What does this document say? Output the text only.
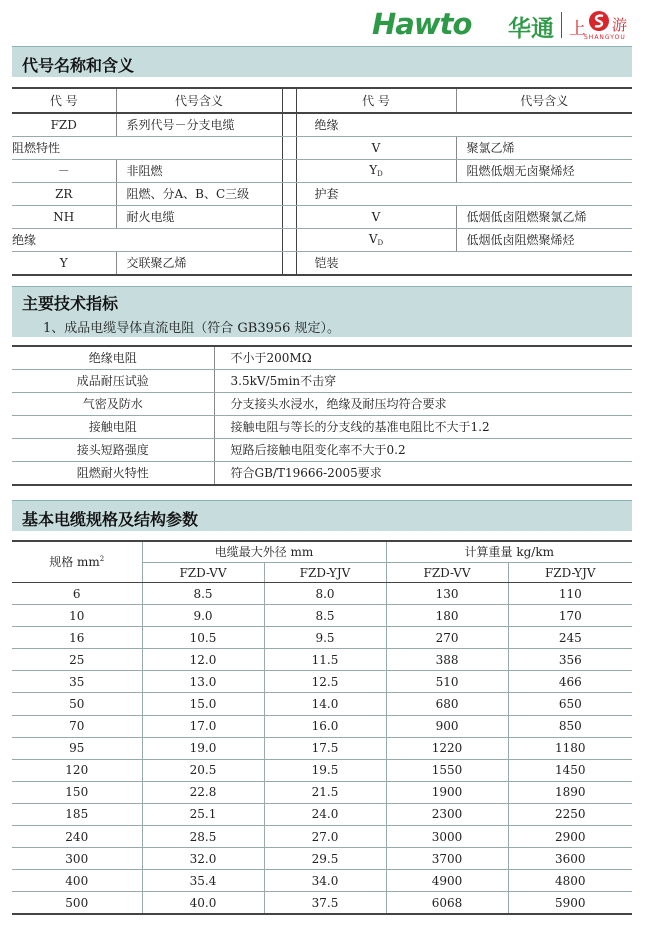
Hawto 华通 上 游
SHANGYOU
代号名称和含义
代 号	代号含义		代 号	代号含义
FZD	系列代号－分支电缆		绝缘	
阻燃特性			V	聚氯乙烯
－	非阻燃		YD	阻燃低烟无卤聚烯烃
ZR	阻燃、分A、B、C三级		护套	
NH	耐火电缆		V	低烟低卤阻燃聚氯乙烯
绝缘			VD	低烟低卤阻燃聚烯烃
Y	交联聚乙烯		铠装	
主要技术指标
1、成品电缆导体直流电阻（符合 GB3956 规定）。
绝缘电阻	不小于200MΩ
成品耐压试验	3.5kV/5min不击穿
气密及防水	分支接头水浸水，绝缘及耐压均符合要求
接触电阻	接触电阻与等长的分支线的基准电阻比不大于1.2
接头短路强度	短路后接触电阻变化率不大于0.2
阻燃耐火特性	符合GB/T19666-2005要求
基本电缆规格及结构参数
规格 $mm^2$	电缆最大外径 mm		计算重量 kg/km	
	FZD-VV	FZD-YJV	FZD-VV	FZD-YJV
6	8.5	8.0	130	110
10	9.0	8.5	180	170
16	10.5	9.5	270	245
25	12.0	11.5	388	356
35	13.0	12.5	510	466
50	15.0	14.0	680	650
70	17.0	16.0	900	850
95	19.0	17.5	1220	1180
120	20.5	19.5	1550	1450
150	22.8	21.5	1900	1890
185	25.1	24.0	2300	2250
240	28.5	27.0	3000	2900
300	32.0	29.5	3700	3600
400	35.4	34.0	4900	4800
500	40.0	37.5	6068	5900
